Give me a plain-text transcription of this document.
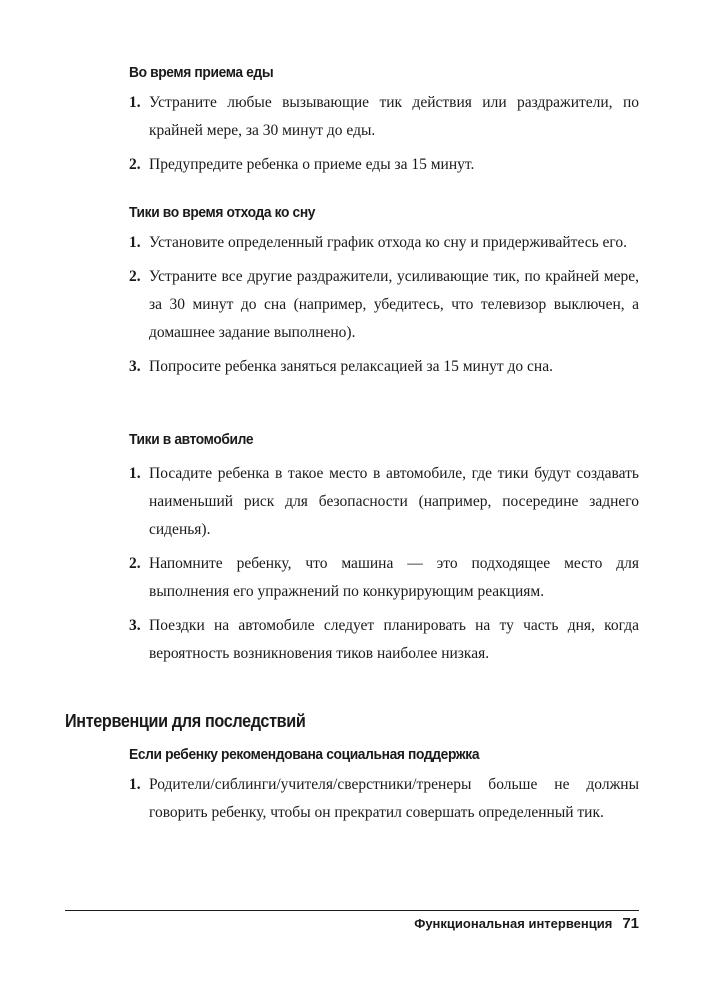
Во время приема еды
1. Устраните любые вызывающие тик действия или раздражители, по крайней мере, за 30 минут до еды.
2. Предупредите ребенка о приеме еды за 15 минут.
Тики во время отхода ко сну
1. Установите определенный график отхода ко сну и придерживайтесь его.
2. Устраните все другие раздражители, усиливающие тик, по крайней мере, за 30 минут до сна (например, убедитесь, что телевизор выключен, а домашнее задание выполнено).
3. Попросите ребенка заняться релаксацией за 15 минут до сна.
Тики в автомобиле
1. Посадите ребенка в такое место в автомобиле, где тики будут создавать наименьший риск для безопасности (например, посередине заднего сиденья).
2. Напомните ребенку, что машина — это подходящее место для выполнения его упражнений по конкурирующим реакциям.
3. Поездки на автомобиле следует планировать на ту часть дня, когда вероятность возникновения тиков наиболее низкая.
Интервенции для последствий
Если ребенку рекомендована социальная поддержка
1. Родители/сиблинги/учителя/сверстники/тренеры больше не должны говорить ребенку, чтобы он прекратил совершать определенный тик.
Функциональная интервенция 71
